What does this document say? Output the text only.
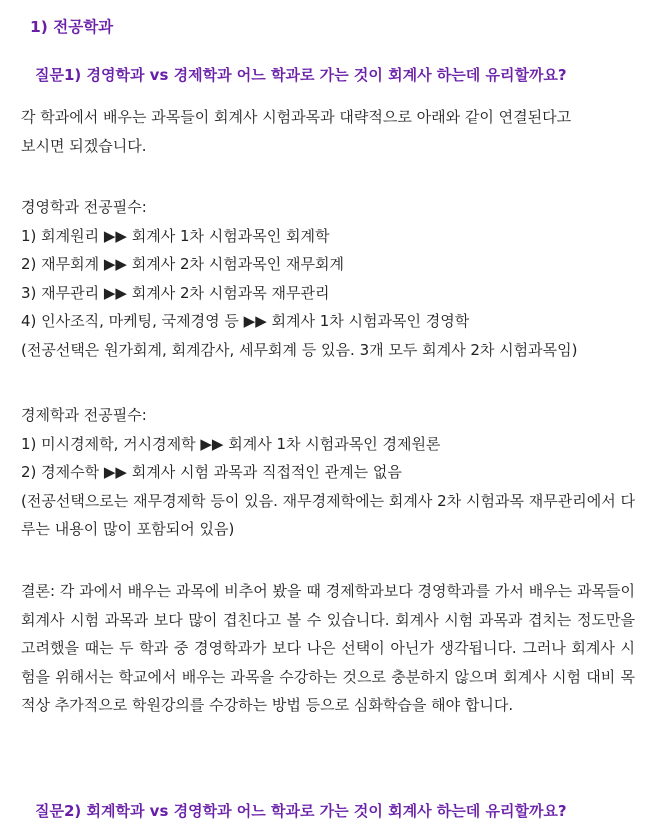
1) 전공학과
질문1) 경영학과 vs 경제학과 어느 학과로 가는 것이 회계사 하는데 유리할까요?

각 학과에서 배우는 과목들이 회계사 시험과목과 대략적으로 아래와 같이 연결된다고
보시면 되겠습니다.

경영학과 전공필수:
1) 회계원리 ▶▶ 회계사 1차 시험과목인 회계학
2) 재무회계 ▶▶ 회계사 2차 시험과목인 재무회계
3) 재무관리 ▶▶ 회계사 2차 시험과목 재무관리
4) 인사조직, 마케팅, 국제경영 등 ▶▶ 회계사 1차 시험과목인 경영학
(전공선택은 원가회계, 회계감사, 세무회계 등 있음. 3개 모두 회계사 2차 시험과목임)
경제학과 전공필수:
1) 미시경제학, 거시경제학 ▶▶ 회계사 1차 시험과목인 경제원론
2) 경제수학 ▶▶ 회계사 시험 과목과 직접적인 관계는 없음
(전공선택으로는 재무경제학 등이 있음. 재무경제학에는 회계사 2차 시험과목 재무관리에서 다루는 내용이 많이 포함되어 있음)

결론: 각 과에서 배우는 과목에 비추어 봤을 때 경제학과보다 경영학과를 가서 배우는 과목들이 회계사 시험 과목과 보다 많이 겹친다고 볼 수 있습니다. 회계사 시험 과목과 겹치는 정도만을 고려했을 때는 두 학과 중 경영학과가 보다 나은 선택이 아닌가 생각됩니다. 그러나 회계사 시험을 위해서는 학교에서 배우는 과목을 수강하는 것으로 충분하지 않으며 회계사 시험 대비 목적상 추가적으로 학원강의를 수강하는 방법 등으로 심화학습을 해야 합니다.

질문2) 회계학과 vs 경영학과 어느 학과로 가는 것이 회계사 하는데 유리할까요?
